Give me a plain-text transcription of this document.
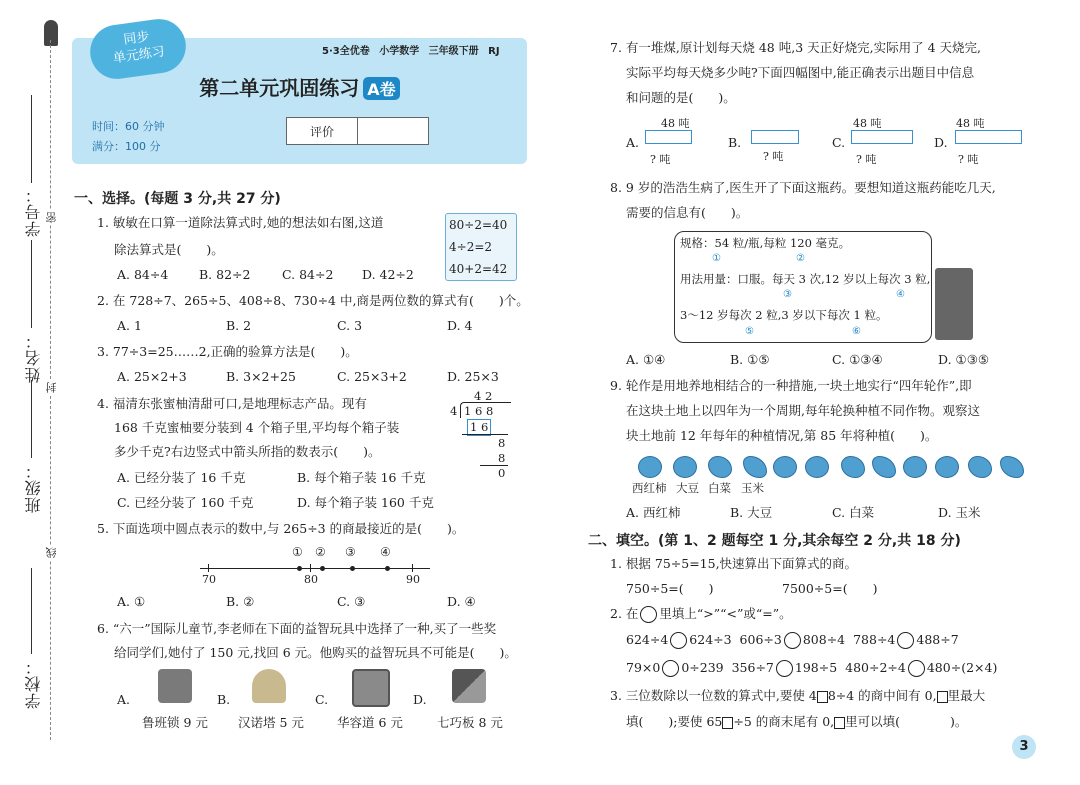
学号：
姓名：
班级：
学校：
密
封
线
同步
单元练习	5·3全优卷 小学数学 三年级下册 RJ
第二单元巩固练习 A卷
时间：60 分钟
满分：100 分
评价	
一、选择。(每题 3 分,共 27 分)
1. 敏敏在口算一道除法算式时,她的想法如右图,这道
除法算式是(　　)。
A. 84÷4 B. 82÷2	C. 84÷2 D. 42÷2
80÷2=40
4÷2=2
40+2=42
2. 在 728÷7、265÷5、408÷8、730÷4 中,商是两位数的算式有(　　)个。
A. 1	B. 2	C. 3	D. 4
3. 77÷3=25……2,正确的验算方法是(　　)。
A. 25×2+3	B. 3×2+25	C. 25×3+2	D. 25×3
4. 福清东张蜜柚清甜可口,是地理标志产品。现有
168 千克蜜柚要分装到 4 个箱子里,平均每个箱子装
多少千克?右边竖式中箭头所指的数表示(　　)。
A. 已经分装了 16 千克	B. 每个箱子装 16 千克
C. 已经分装了 160 千克	D. 每个箱子装 160 千克
4 2
4 1 6 8
1 6
8
8
0
5. 下面选项中圆点表示的数中,与 265÷3 的商最接近的是(　　)。
70	80	90
① ② ③ ④
A. ①	B. ②	C. ③	D. ④
6. “六一”国际儿童节,李老师在下面的益智玩具中选择了一种,买了一些奖
给同学们,她付了 150 元,找回 6 元。他购买的益智玩具不可能是(　　)。
A.	B.	C.	D.
鲁班锁 9 元 汉诺塔 5 元	华容道 6 元	七巧板 8 元
7. 有一堆煤,原计划每天烧 48 吨,3 天正好烧完,实际用了 4 天烧完,
实际平均每天烧多少吨?下面四幅图中,能正确表示出题目中信息
和问题的是(　　)。
A.
48 吨
? 吨
B.
? 吨
C.
48 吨
? 吨
D.
48 吨
? 吨
8. 9 岁的浩浩生病了,医生开了下面这瓶药。要想知道这瓶药能吃几天,
需要的信息有(　　)。
规格：54 粒/瓶,每粒 120 毫克。
①	②
用法用量：口服。每天 3 次,12 岁以上每次 3 粒,
③	④
3～12 岁每次 2 粒,3 岁以下每次 1 粒。
⑤	⑥
A. ①④	B. ①⑤	C. ①③④	D. ①③⑤
9. 轮作是用地养地相结合的一种措施,一块土地实行“四年轮作”,即
在这块土地上以四年为一个周期,每年轮换种植不同作物。观察这
块土地前 12 年每年的种植情况,第 85 年将种植(　　)。
西红柿 大豆 白菜 玉米
A. 西红柿	B. 大豆	C. 白菜	D. 玉米
二、填空。(第 1、2 题每空 1 分,其余每空 2 分,共 18 分)
1. 根据 75÷5=15,快速算出下面算式的商。
750÷5=(　　)	7500÷5=(　　)
2. 在 里填上“>”“<”或“=”。
624÷4 624÷3 606÷3 808÷4 788÷4 488÷7
79×0 0÷239 356÷7 198÷5 480÷2÷4 480÷(2×4)
3. 三位数除以一位数的算式中,要使 4 8÷4 的商中间有 0, 里最大
填(　　);要使 65 ÷5 的商末尾有 0, 里可以填(　　　　)。
3
